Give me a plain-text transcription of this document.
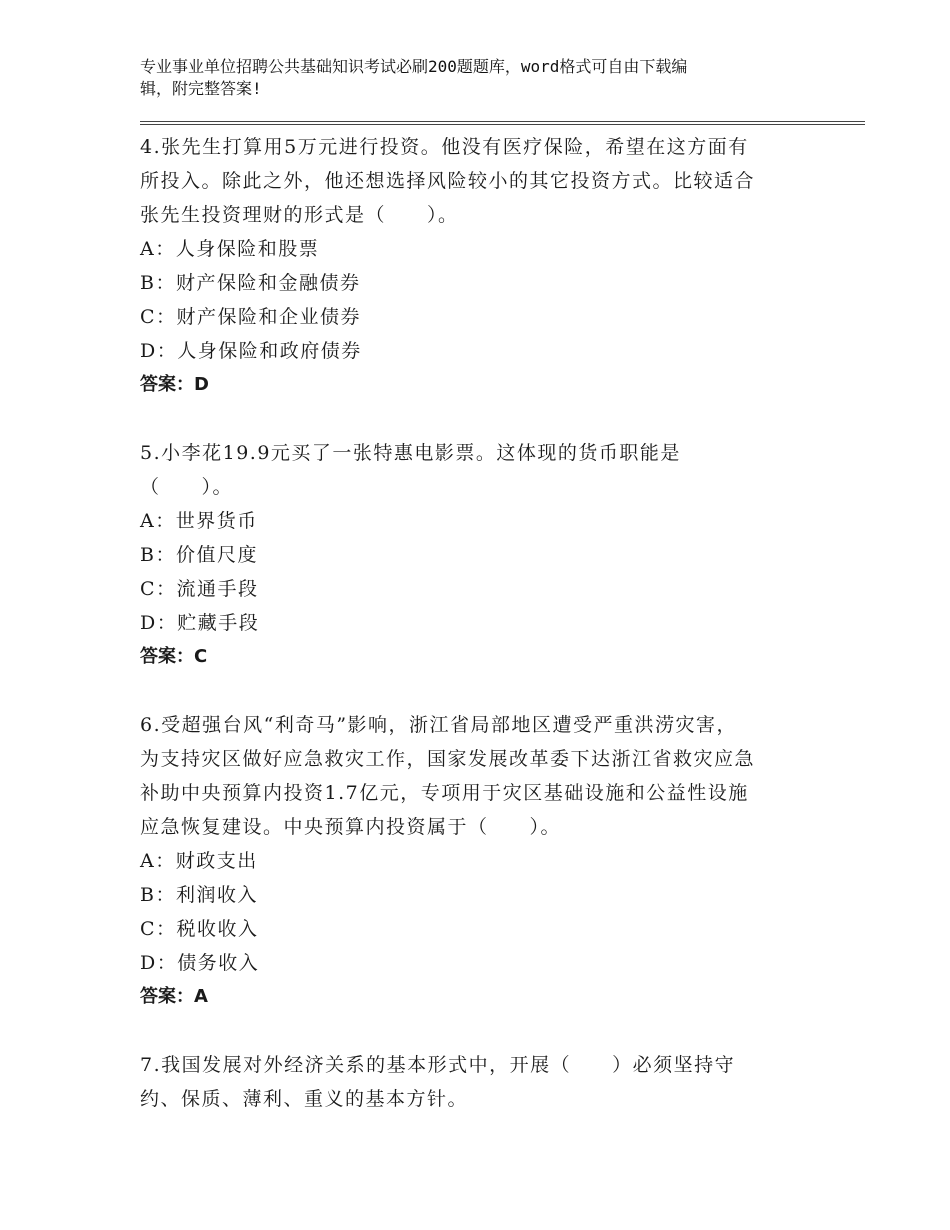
专业事业单位招聘公共基础知识考试必刷200题题库，word格式可自由下载编
辑，附完整答案!

4.张先生打算用5万元进行投资。他没有医疗保险，希望在这方面有

所投入。除此之外，他还想选择风险较小的其它投资方式。比较适合

张先生投资理财的形式是（　　）。

A：人身保险和股票

B：财产保险和金融债券

C：财产保险和企业债券

D：人身保险和政府债券

答案：D

5.小李花19.9元买了一张特惠电影票。这体现的货币职能是

（　　）。

A：世界货币

B：价值尺度

C：流通手段

D：贮藏手段

答案：C

6.受超强台风“利奇马”影响，浙江省局部地区遭受严重洪涝灾害，

为支持灾区做好应急救灾工作，国家发展改革委下达浙江省救灾应急

补助中央预算内投资1.7亿元，专项用于灾区基础设施和公益性设施

应急恢复建设。中央预算内投资属于（　　）。

A：财政支出

B：利润收入

C：税收收入

D：债务收入

答案：A

7.我国发展对外经济关系的基本形式中，开展（　　）必须坚持守

约、保质、薄利、重义的基本方针。
